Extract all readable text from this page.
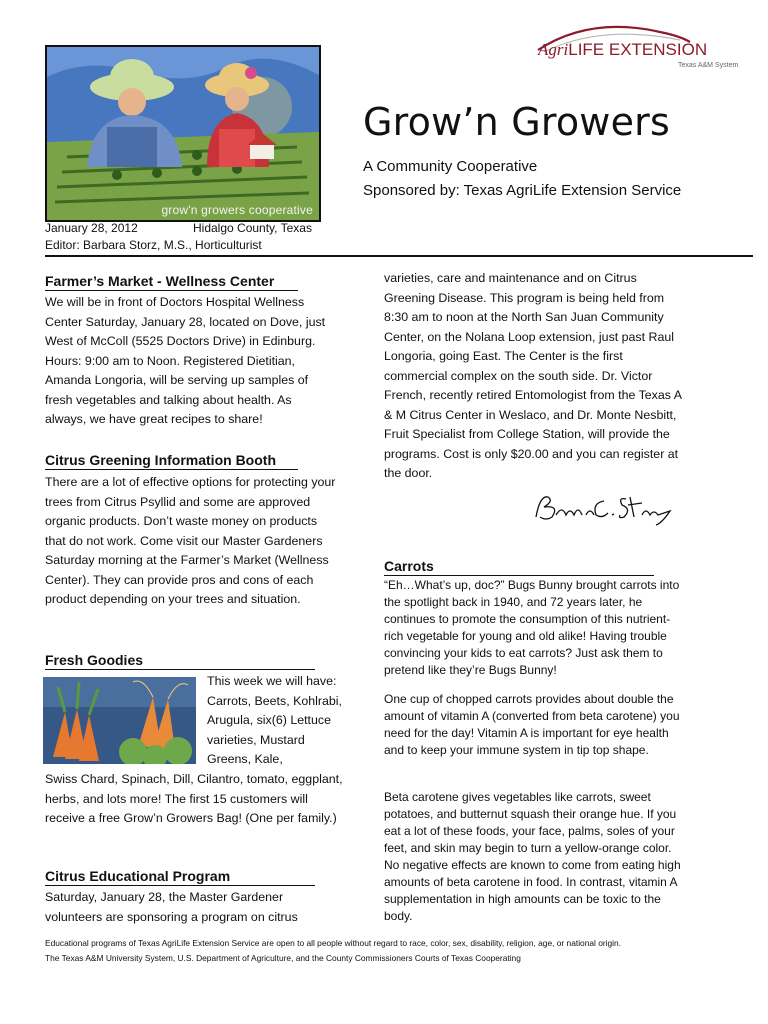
grow'n growers cooperative
January 28, 2012	Hidalgo County, Texas
Editor: Barbara Storz, M.S., Horticulturist
AgriLIFE EXTENSION
Texas A&M System
Grow’n Growers
A Community Cooperative
Sponsored by: Texas AgriLife Extension Service
Farmer’s Market - Wellness Center
We will be in front of Doctors Hospital Wellness Center Saturday, January 28, located on Dove, just West of McColl (5525 Doctors Drive) in Edinburg. Hours: 9:00 am to Noon. Registered Dietitian, Amanda Longoria, will be serving up samples of fresh vegetables and talking about health. As always, we have great recipes to share!
Citrus Greening Information Booth
There are a lot of effective options for protecting your trees from Citrus Psyllid and some are approved organic products. Don’t waste money on products that do not work. Come visit our Master Gardeners Saturday morning at the Farmer’s Market (Wellness Center). They can provide pros and cons of each product depending on your trees and situation.
Fresh Goodies
This week we will have: Carrots, Beets, Kohlrabi, Arugula, six(6) Lettuce varieties, Mustard Greens, Kale,
Swiss Chard, Spinach, Dill, Cilantro, tomato, eggplant, herbs, and lots more! The first 15 customers will receive a free Grow’n Growers Bag! (One per family.)
Citrus Educational Program
Saturday, January 28, the Master Gardener volunteers are sponsoring a program on citrus
varieties, care and maintenance and on Citrus Greening Disease. This program is being held from 8:30 am to noon at the North San Juan Community Center, on the Nolana Loop extension, just past Raul Longoria, going East. The Center is the first commercial complex on the south side. Dr. Victor French, recently retired Entomologist from the Texas A & M Citrus Center in Weslaco, and Dr. Monte Nesbitt, Fruit Specialist from College Station, will provide the programs. Cost is only $20.00 and you can register at the door.
Carrots
“Eh…What’s up, doc?” Bugs Bunny brought carrots into the spotlight back in 1940, and 72 years later, he continues to promote the consumption of this nutrient-rich vegetable for young and old alike! Having trouble convincing your kids to eat carrots? Just ask them to pretend like they’re Bugs Bunny!
One cup of chopped carrots provides about double the amount of vitamin A (converted from beta carotene) you need for the day! Vitamin A is important for eye health and to keep your immune system in tip top shape.
Beta carotene gives vegetables like carrots, sweet potatoes, and butternut squash their orange hue. If you eat a lot of these foods, your face, palms, soles of your feet, and skin may begin to turn a yellow-orange color. No negative effects are known to come from eating high amounts of beta carotene in food. In contrast, vitamin A supplementation in high amounts can be toxic to the body.
Educational programs of Texas AgriLife Extension Service are open to all people without regard to race, color, sex, disability, religion, age, or national origin.
The Texas A&M University System, U.S. Department of Agriculture, and the County Commissioners Courts of Texas Cooperating
